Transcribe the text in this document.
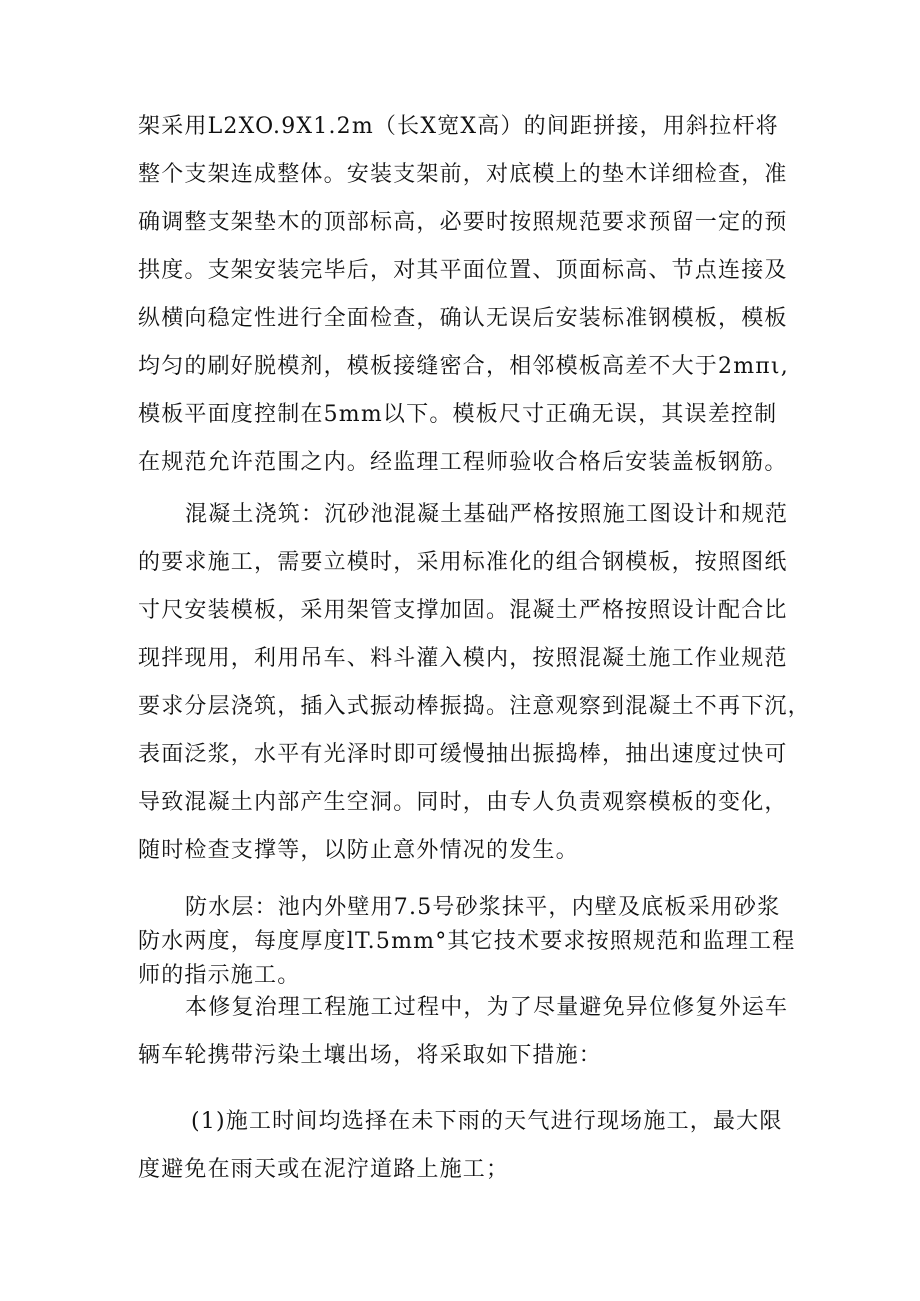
架采用L2XO.9X1.2m（长X宽X高）的间距拼接，用斜拉杆将
整个支架连成整体。安装支架前，对底模上的垫木详细检查，准
确调整支架垫木的顶部标高，必要时按照规范要求预留一定的预
拱度。支架安装完毕后，对其平面位置、顶面标高、节点连接及
纵横向稳定性进行全面检查，确认无误后安装标准钢模板，模板
均匀的刷好脱模剂，模板接缝密合，相邻模板高差不大于2mπι,
模板平面度控制在5mm以下。模板尺寸正确无误，其误差控制
在规范允许范围之内。经监理工程师验收合格后安装盖板钢筋。
混凝土浇筑：沉砂池混凝土基础严格按照施工图设计和规范
的要求施工，需要立模时，采用标准化的组合钢模板，按照图纸
寸尺安装模板，采用架管支撑加固。混凝土严格按照设计配合比
现拌现用，利用吊车、料斗灌入模内，按照混凝土施工作业规范
要求分层浇筑，插入式振动棒振捣。注意观察到混凝土不再下沉，
表面泛浆，水平有光泽时即可缓慢抽出振捣棒，抽出速度过快可
导致混凝土内部产生空洞。同时，由专人负责观察模板的变化，
随时检查支撑等，以防止意外情况的发生。
防水层：池内外壁用7.5号砂浆抹平，内壁及底板采用砂浆
防水两度，每度厚度lT.5mm°其它技术要求按照规范和监理工程
师的指示施工。
本修复治理工程施工过程中，为了尽量避免异位修复外运车
辆车轮携带污染土壤出场，将采取如下措施：
(1)施工时间均选择在未下雨的天气进行现场施工，最大限
度避免在雨天或在泥泞道路上施工；
